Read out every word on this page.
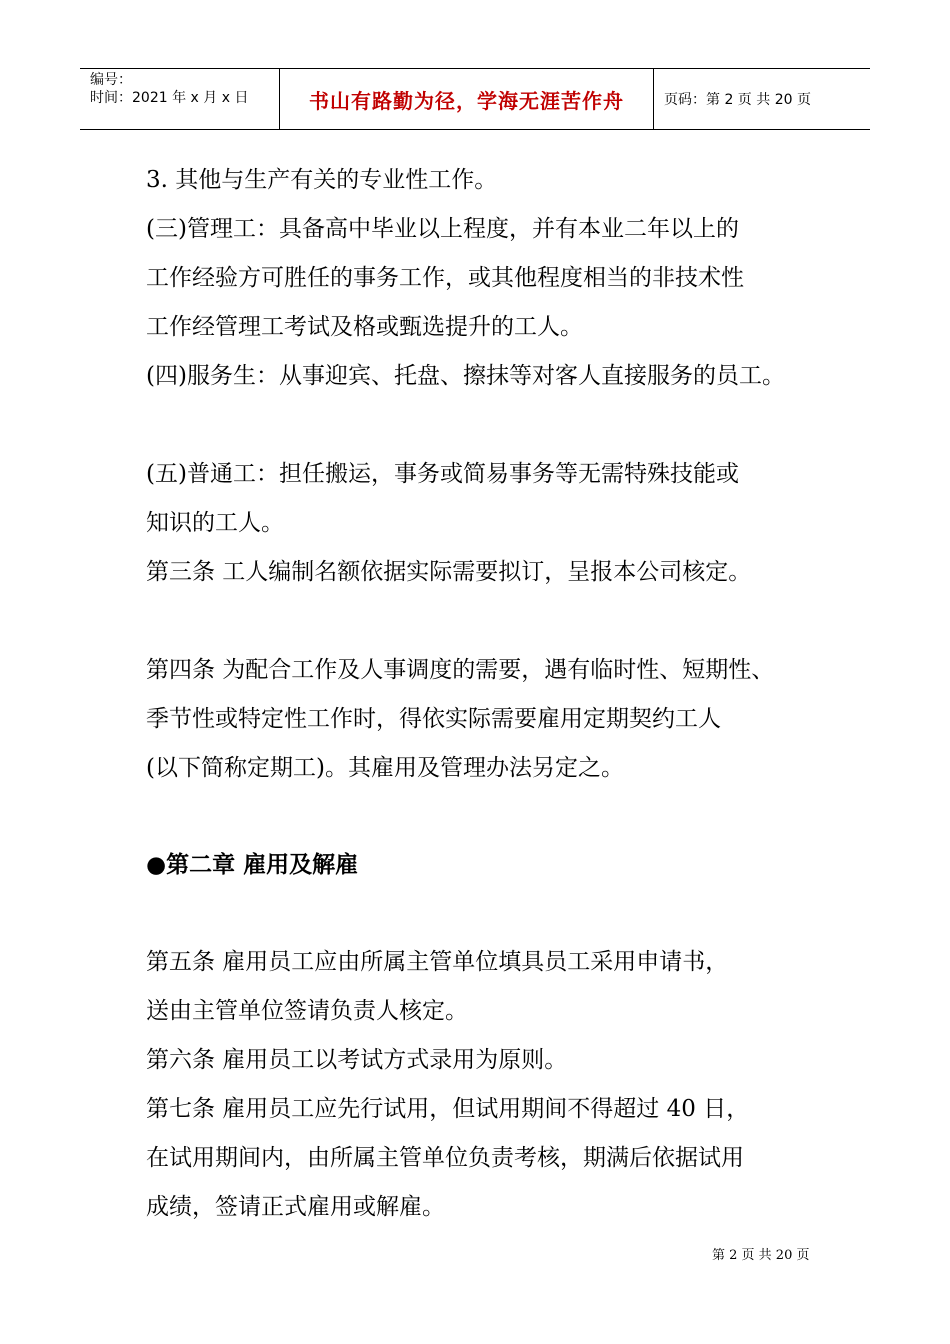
编号：
时间：2021 年 x 月 x 日	书山有路勤为径，学海无涯苦作舟	页码：第 2 页 共 20 页
3. 其他与生产有关的专业性工作。
(三)管理工：具备高中毕业以上程度，并有本业二年以上的
工作经验方可胜任的事务工作，或其他程度相当的非技术性
工作经管理工考试及格或甄选提升的工人。
(四)服务生：从事迎宾、托盘、擦抹等对客人直接服务的员工。
(五)普通工：担任搬运，事务或简易事务等无需特殊技能或
知识的工人。
第三条 工人编制名额依据实际需要拟订，呈报本公司核定。
第四条 为配合工作及人事调度的需要，遇有临时性、短期性、
季节性或特定性工作时，得依实际需要雇用定期契约工人
(以下简称定期工)。其雇用及管理办法另定之。
●第二章 雇用及解雇
第五条 雇用员工应由所属主管单位填具员工采用申请书，
送由主管单位签请负责人核定。
第六条 雇用员工以考试方式录用为原则。
第七条 雇用员工应先行试用，但试用期间不得超过 40 日，
在试用期间内，由所属主管单位负责考核，期满后依据试用
成绩，签请正式雇用或解雇。
第 2 页 共 20 页
